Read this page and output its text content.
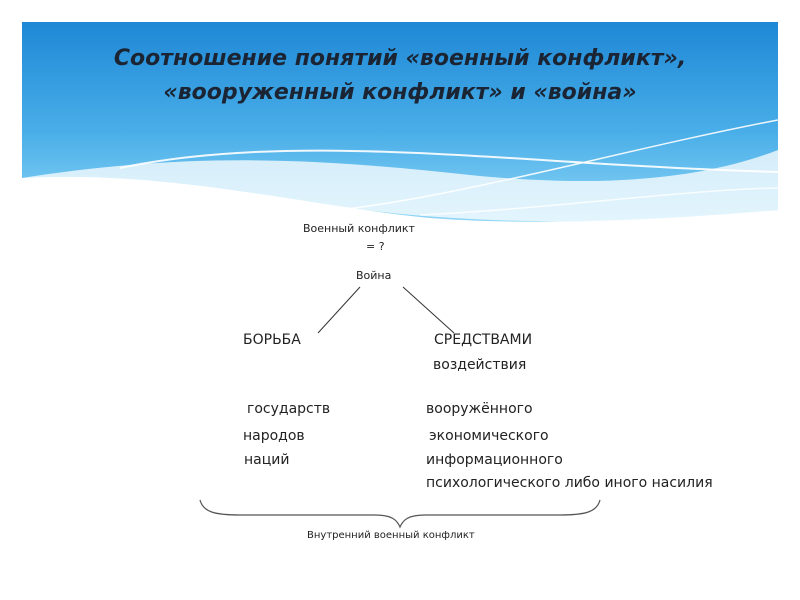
Соотношение понятий «военный конфликт»,
«вооруженный конфликт» и «война»
Военный конфликт
= ?
Война
БОРЬБА	СРЕДСТВАМИ
воздействия
государств
народов
наций
вооружённого
экономического
информационного
психологического либо иного насилия
Внутренний военный конфликт
